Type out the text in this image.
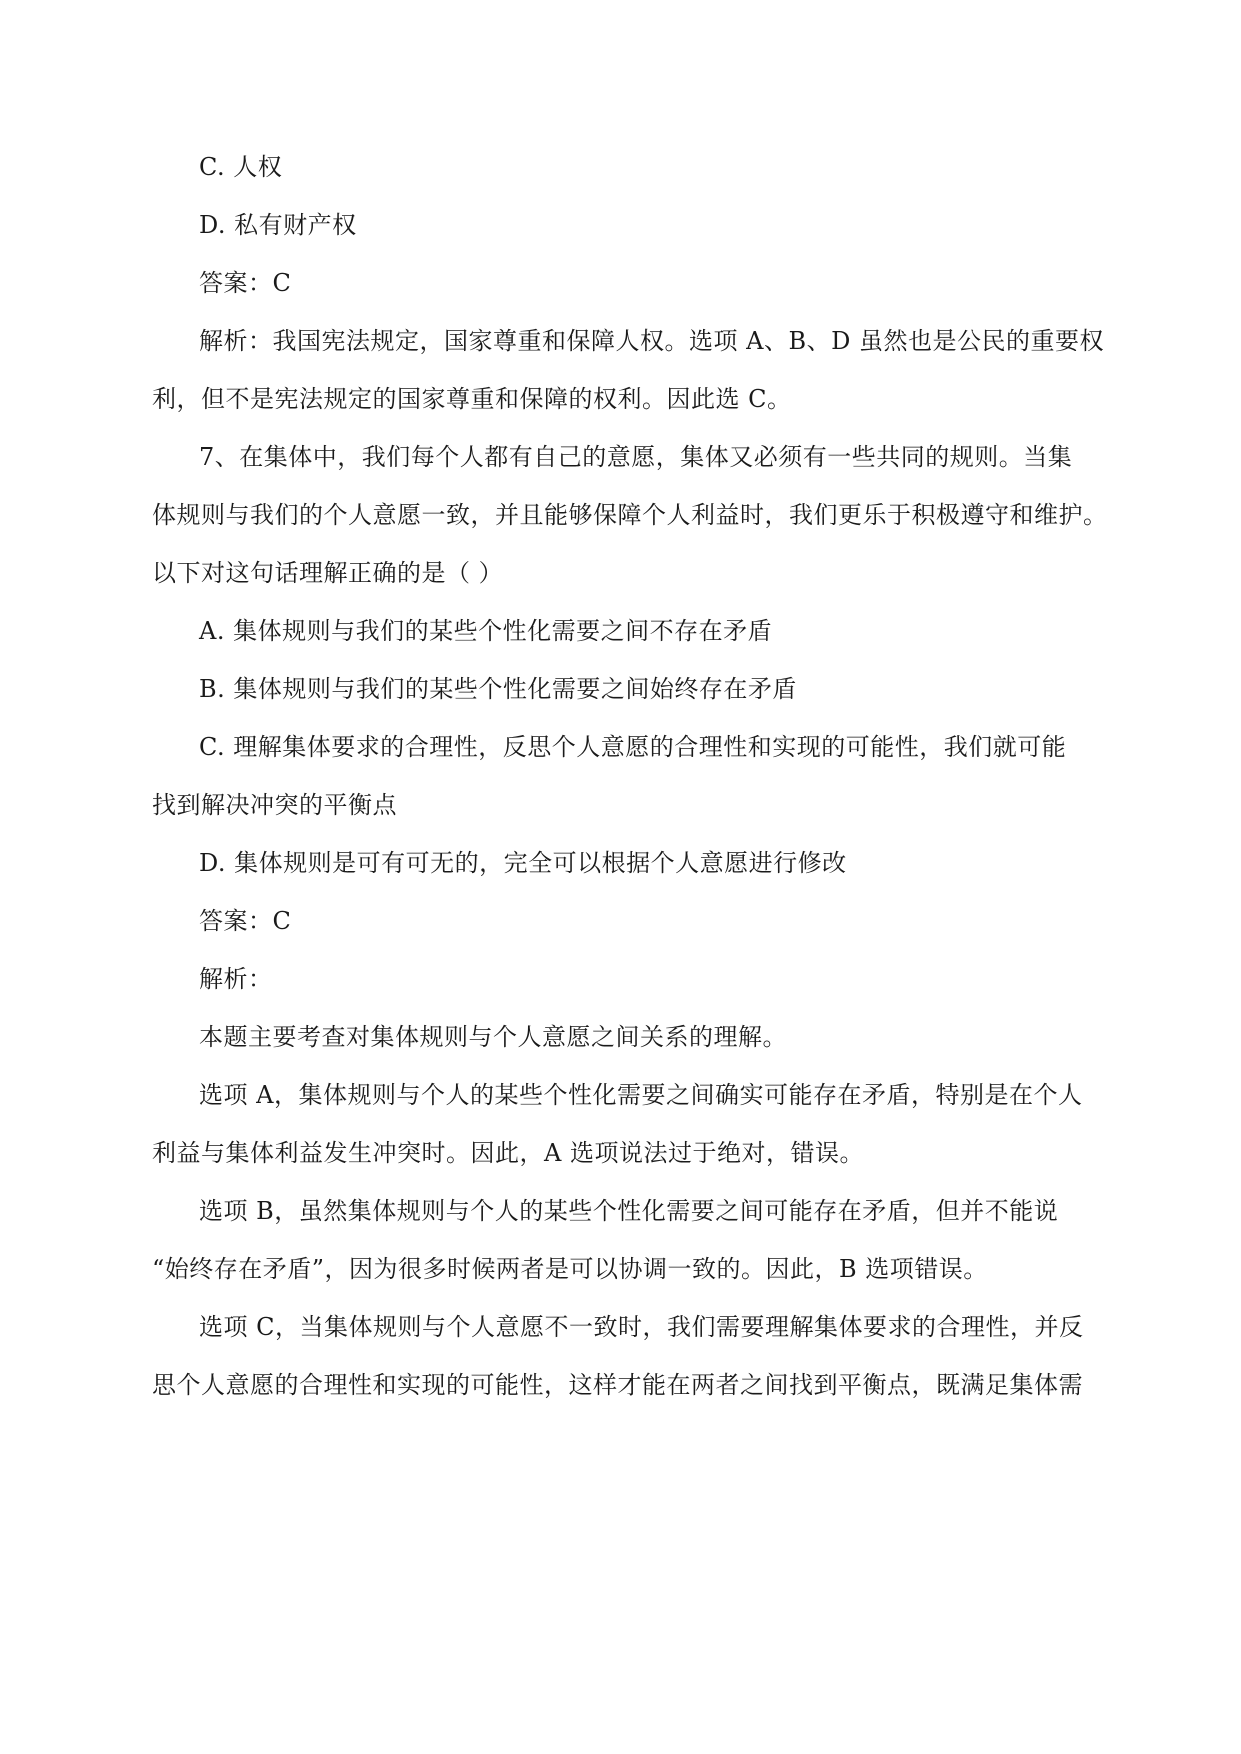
C. 人权
D. 私有财产权
答案：C
解析：我国宪法规定，国家尊重和保障人权。选项 A、B、D 虽然也是公民的重要权
利，但不是宪法规定的国家尊重和保障的权利。因此选 C。
7、在集体中，我们每个人都有自己的意愿，集体又必须有一些共同的规则。当集
体规则与我们的个人意愿一致，并且能够保障个人利益时，我们更乐于积极遵守和维护。
以下对这句话理解正确的是（ ）
A. 集体规则与我们的某些个性化需要之间不存在矛盾
B. 集体规则与我们的某些个性化需要之间始终存在矛盾
C. 理解集体要求的合理性，反思个人意愿的合理性和实现的可能性，我们就可能
找到解决冲突的平衡点
D. 集体规则是可有可无的，完全可以根据个人意愿进行修改
答案：C
解析：
本题主要考查对集体规则与个人意愿之间关系的理解。
选项 A，集体规则与个人的某些个性化需要之间确实可能存在矛盾，特别是在个人
利益与集体利益发生冲突时。因此，A 选项说法过于绝对，错误。
选项 B，虽然集体规则与个人的某些个性化需要之间可能存在矛盾，但并不能说
“始终存在矛盾”，因为很多时候两者是可以协调一致的。因此，B 选项错误。
选项 C，当集体规则与个人意愿不一致时，我们需要理解集体要求的合理性，并反
思个人意愿的合理性和实现的可能性，这样才能在两者之间找到平衡点，既满足集体需
